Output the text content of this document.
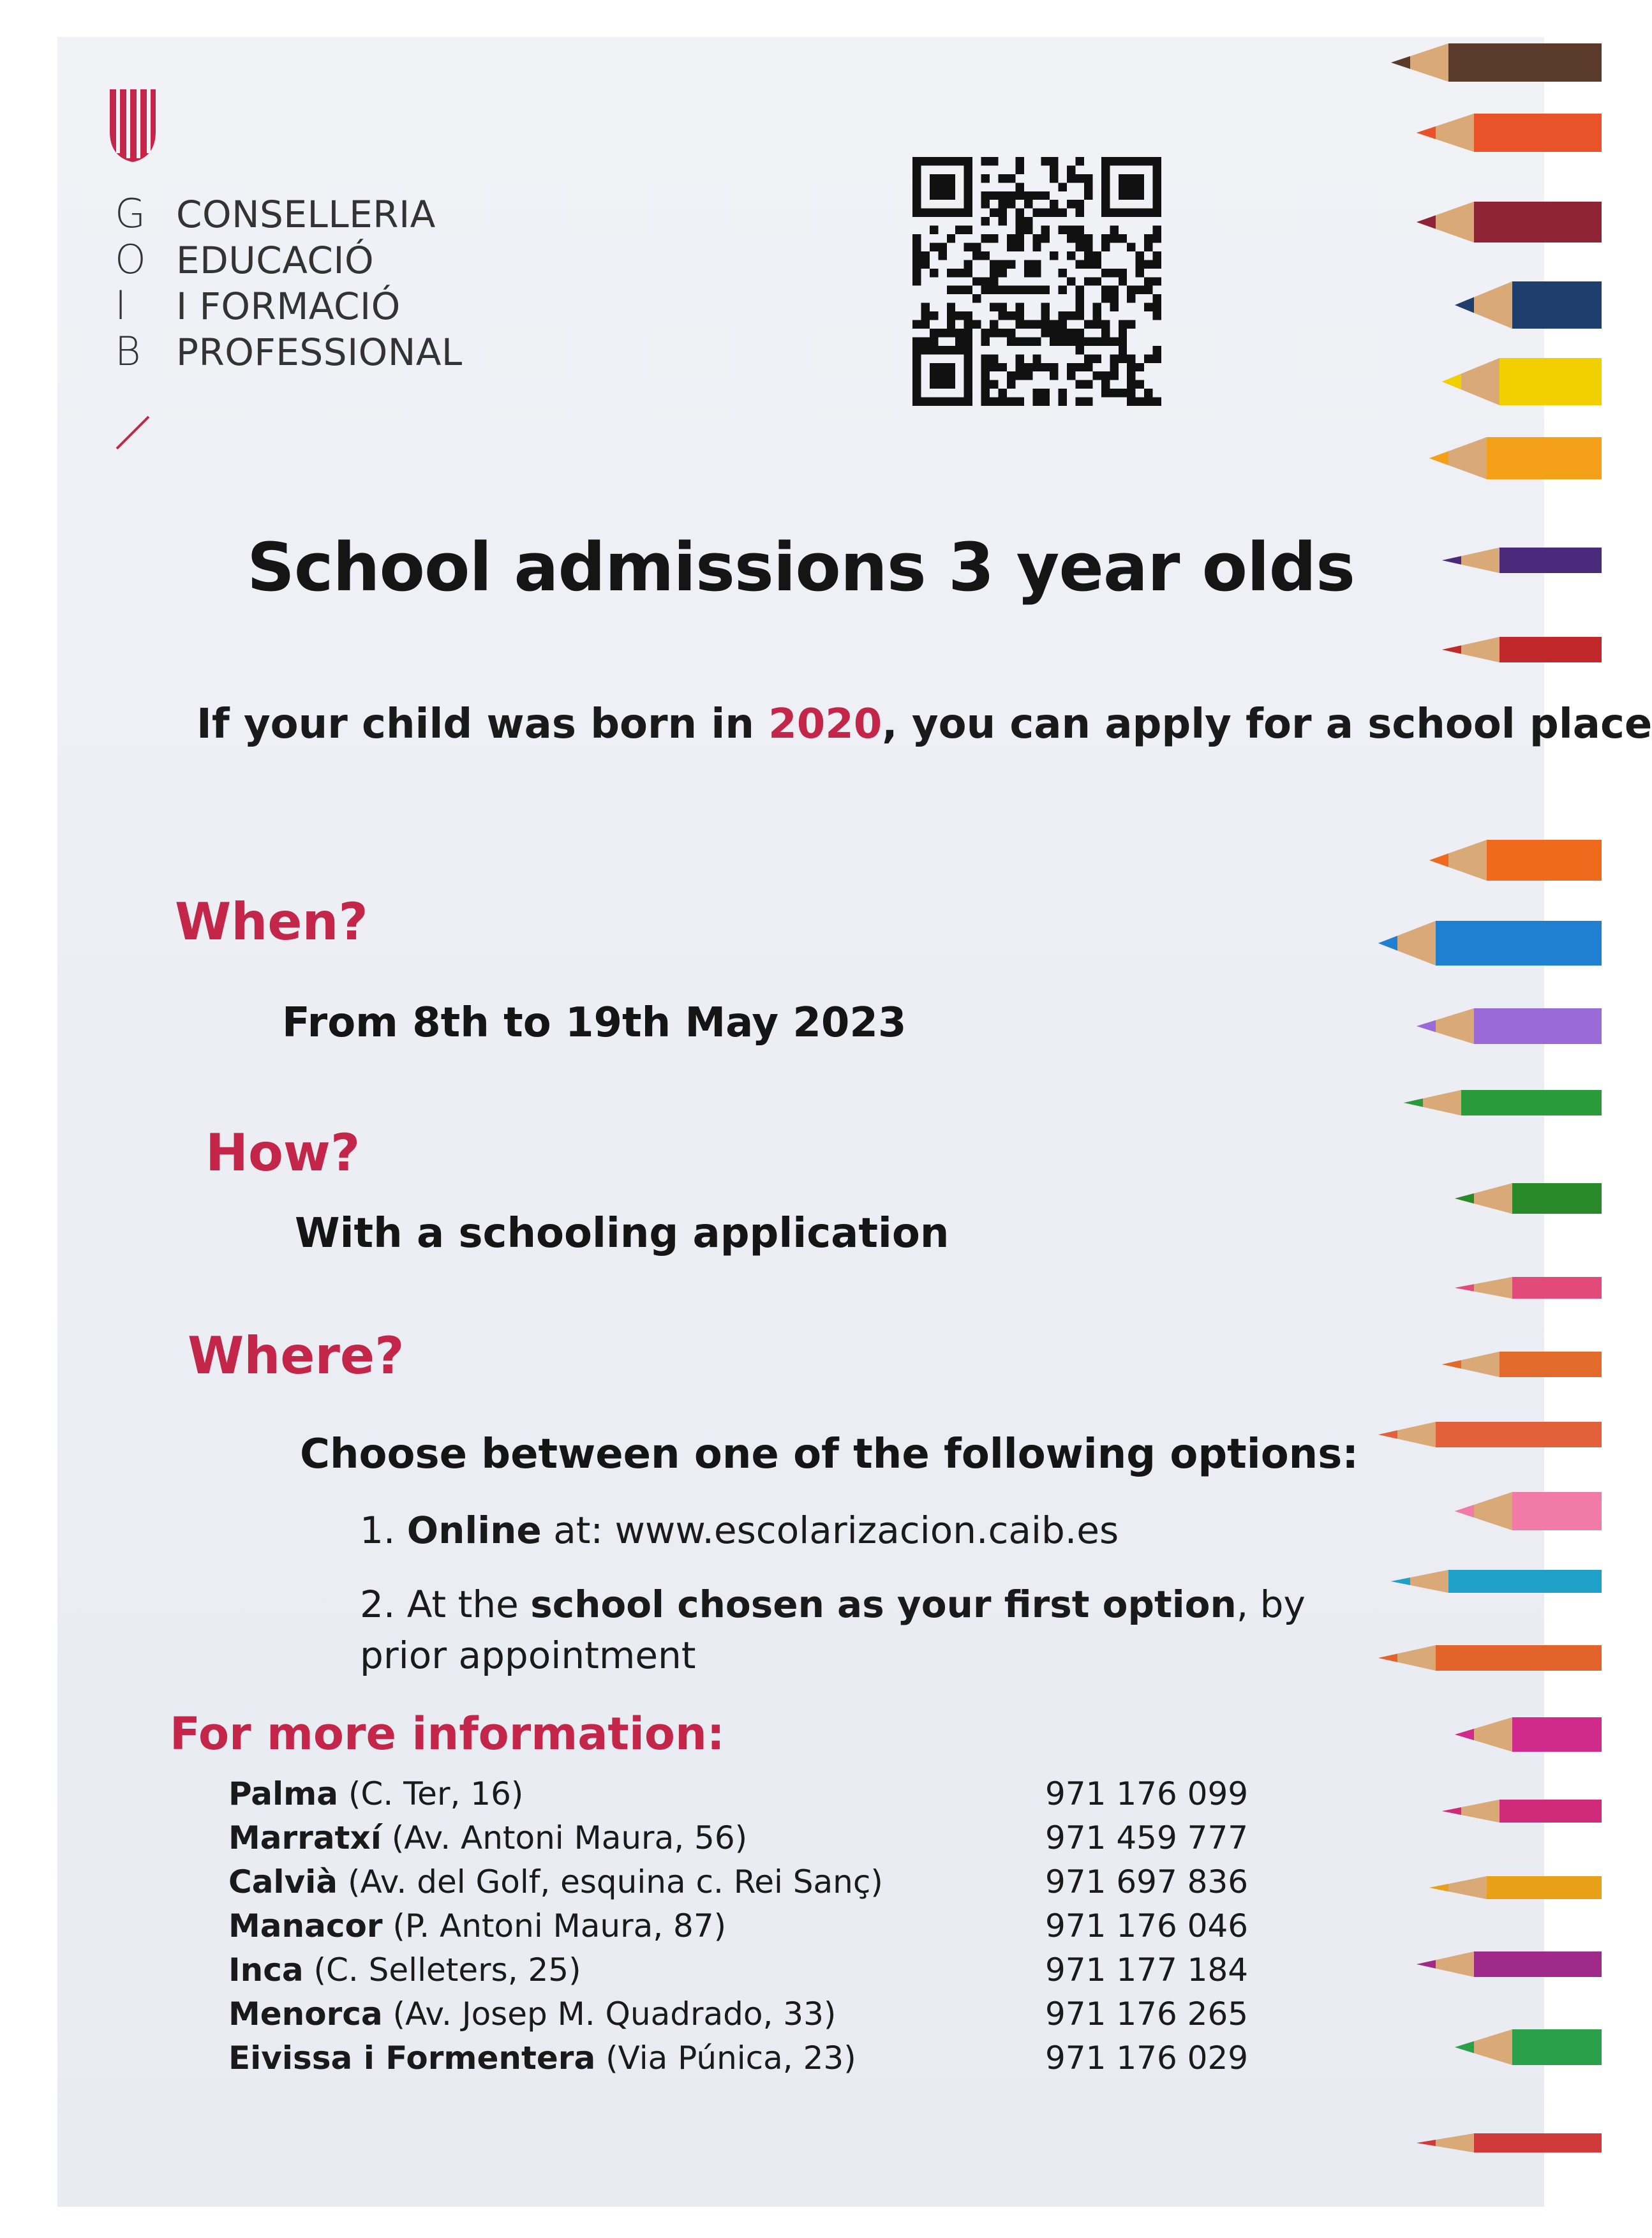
G CONSELLERIA
O EDUCACIÓ
I	I FORMACIÓ
B PROFESSIONAL
School admissions 3 year olds
If your child was born in 2020, you can apply for a school place
When?
From 8th to 19th May 2023
How?
With a schooling application
Where?
Choose between one of the following options:
1. Online at: www.escolarizacion.caib.es
2. At the school chosen as your first option, by prior appointment
For more information:
Palma (C. Ter, 16)	971 176 099
Marratxí (Av. Antoni Maura, 56)	971 459 777
Calvià (Av. del Golf, esquina c. Rei Sanç)	971 697 836
Manacor (P. Antoni Maura, 87)	971 176 046
Inca (C. Selleters, 25)	971 177 184
Menorca (Av. Josep M. Quadrado, 33)	971 176 265
Eivissa i Formentera (Via Púnica, 23)	971 176 029
